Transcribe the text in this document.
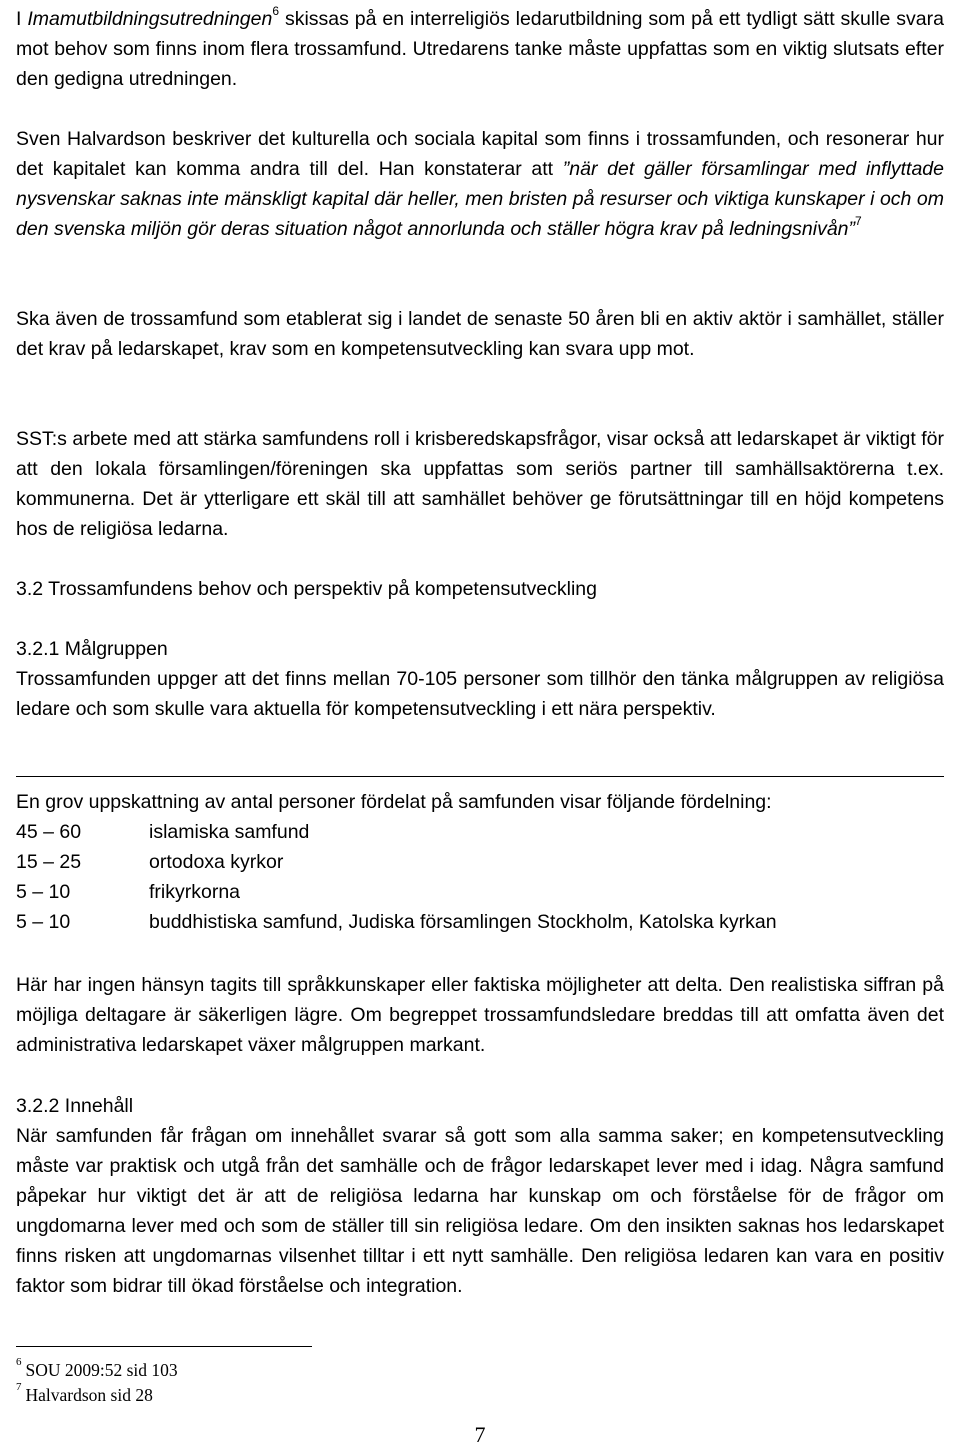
I Imamutbildningsutredningen$^6$ skissas på en interreligiös ledarutbildning som på ett tydligt sätt skulle svara mot behov som finns inom flera trossamfund. Utredarens tanke måste uppfattas som en viktig slutsats efter den gedigna utredningen.

Sven Halvardson beskriver det kulturella och sociala kapital som finns i trossamfunden, och resonerar hur det kapitalet kan komma andra till del. Han konstaterar att ”när det gäller församlingar med inflyttade nysvenskar saknas inte mänskligt kapital där heller, men bristen på resurser och viktiga kunskaper i och om den svenska miljön gör deras situation något annorlunda och ställer högra krav på ledningsnivån”$^7$

Ska även de trossamfund som etablerat sig i landet de senaste 50 åren bli en aktiv aktör i samhället, ställer det krav på ledarskapet, krav som en kompetensutveckling kan svara upp mot.

SST:s arbete med att stärka samfundens roll i krisberedskapsfrågor, visar också att ledarskapet är viktigt för att den lokala församlingen/föreningen ska uppfattas som seriös partner till samhällsaktörerna t.ex. kommunerna. Det är ytterligare ett skäl till att samhället behöver ge förutsättningar till en höjd kompetens hos de religiösa ledarna.

3.2 Trossamfundens behov och perspektiv på kompetensutveckling

3.2.1 Målgruppen

Trossamfunden uppger att det finns mellan 70-105 personer som tillhör den tänka målgruppen av religiösa ledare och som skulle vara aktuella för kompetensutveckling i ett nära perspektiv.

En grov uppskattning av antal personer fördelat på samfunden visar följande fördelning:

45 – 60	islamiska samfund
15 – 25	ortodoxa kyrkor
5 – 10	frikyrkorna
5 – 10	buddhistiska samfund, Judiska församlingen Stockholm, Katolska kyrkan

Här har ingen hänsyn tagits till språkkunskaper eller faktiska möjligheter att delta. Den realistiska siffran på möjliga deltagare är säkerligen lägre. Om begreppet trossamfundsledare breddas till att omfatta även det administrativa ledarskapet växer målgruppen markant.

3.2.2 Innehåll

När samfunden får frågan om innehållet svarar så gott som alla samma saker; en kompetensutveckling måste var praktisk och utgå från det samhälle och de frågor ledarskapet lever med i idag. Några samfund påpekar hur viktigt det är att de religiösa ledarna har kunskap om och förståelse för de frågor om ungdomarna lever med och som de ställer till sin religiösa ledare. Om den insikten saknas hos ledarskapet finns risken att ungdomarnas vilsenhet tilltar i ett nytt samhälle. Den religiösa ledaren kan vara en positiv faktor som bidrar till ökad förståelse och integration.

$^6$ SOU 2009:52 sid 103
$^7$ Halvardson sid 28
7
